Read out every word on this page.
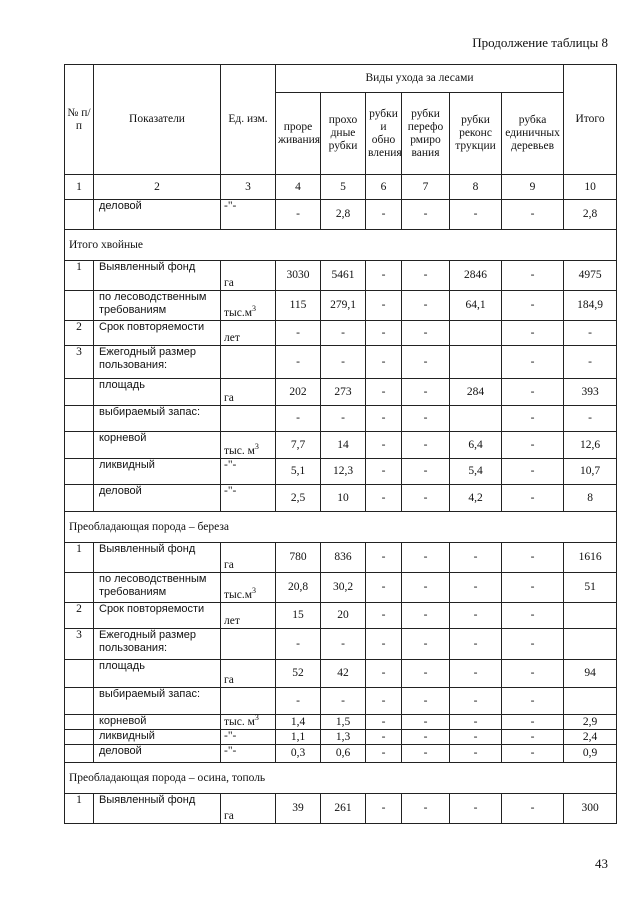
Продолжение таблицы 8
№ п/п	Показатели	Ед. изм.	Виды ухода за лесами						Итого
			проре живания	прохо дные рубки	рубки и обно вления	рубки перефо рмиро вания	рубки реконс трукции	рубка единичных деревьев	
1	2	3	4	5	6	7	8	9	10
	деловой	-"-	-	2,8	-	-	-	-	2,8
Итого хвойные									
1	Выявленный фонд	га	3030	5461	-	-	2846	-	4975
	по лесоводственным требованиям	$тыс.м^3$	115	279,1	-	-	64,1	-	184,9
2	Срок повторяемости	лет	-	-	-	-		-	-
3	Ежегодный размер пользования:		-	-	-	-		-	-
	площадь	га	202	273	-	-	284	-	393
	выбираемый запас:		-	-	-	-		-	-
	корневой	тыс. $м^3$	7,7	14	-	-	6,4	-	12,6
	ликвидный	-"-	5,1	12,3	-	-	5,4	-	10,7
	деловой	-"-	2,5	10	-	-	4,2	-	8
Преобладающая порода – береза									
1	Выявленный фонд	га	780	836	-	-	-	-	1616
	по лесоводственным требованиям	$тыс.м^3$	20,8	30,2	-	-	-	-	51
2	Срок повторяемости	лет	15	20	-	-	-	-	
3	Ежегодный размер пользования:		-	-	-	-	-	-	
	площадь	га	52	42	-	-	-	-	94
	выбираемый запас:		-	-	-	-	-	-	
	корневой	тыс. $м^3$	1,4	1,5	-	-	-	-	2,9
	ликвидный	-"-	1,1	1,3	-	-	-	-	2,4
	деловой	-"-	0,3	0,6	-	-	-	-	0,9
Преобладающая порода – осина, тополь									
1	Выявленный фонд	га	39	261	-	-	-	-	300
43
